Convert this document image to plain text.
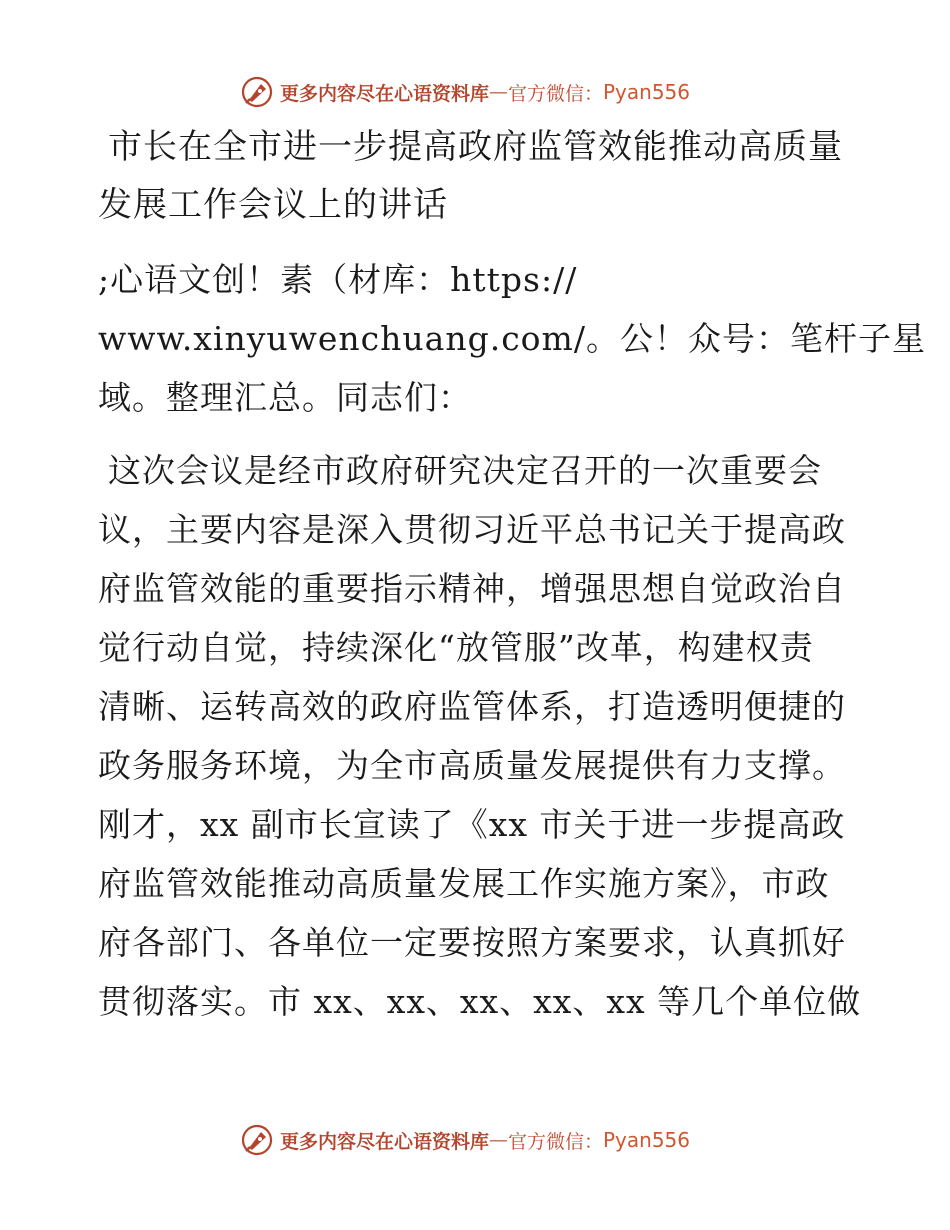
更多内容尽在心语资料库 — 官方微信： Pyan556
市长在全市进一步提高政府监管效能推动高质量
发展工作会议上的讲话
;心语文创！素（材库：https://
www.xinyuwenchuang.com/。公！众号：笔杆子星
域。整理汇总。同志们：
这次会议是经市政府研究决定召开的一次重要会
议，主要内容是深入贯彻习近平总书记关于提高政
府监管效能的重要指示精神，增强思想自觉政治自
觉行动自觉，持续深化“放管服”改革，构建权责
清晰、运转高效的政府监管体系，打造透明便捷的
政务服务环境，为全市高质量发展提供有力支撑。
刚才，xx 副市长宣读了《xx 市关于进一步提高政
府监管效能推动高质量发展工作实施方案》，市政
府各部门、各单位一定要按照方案要求，认真抓好
贯彻落实。市 xx、xx、xx、xx、xx 等几个单位做
更多内容尽在心语资料库 — 官方微信： Pyan556
